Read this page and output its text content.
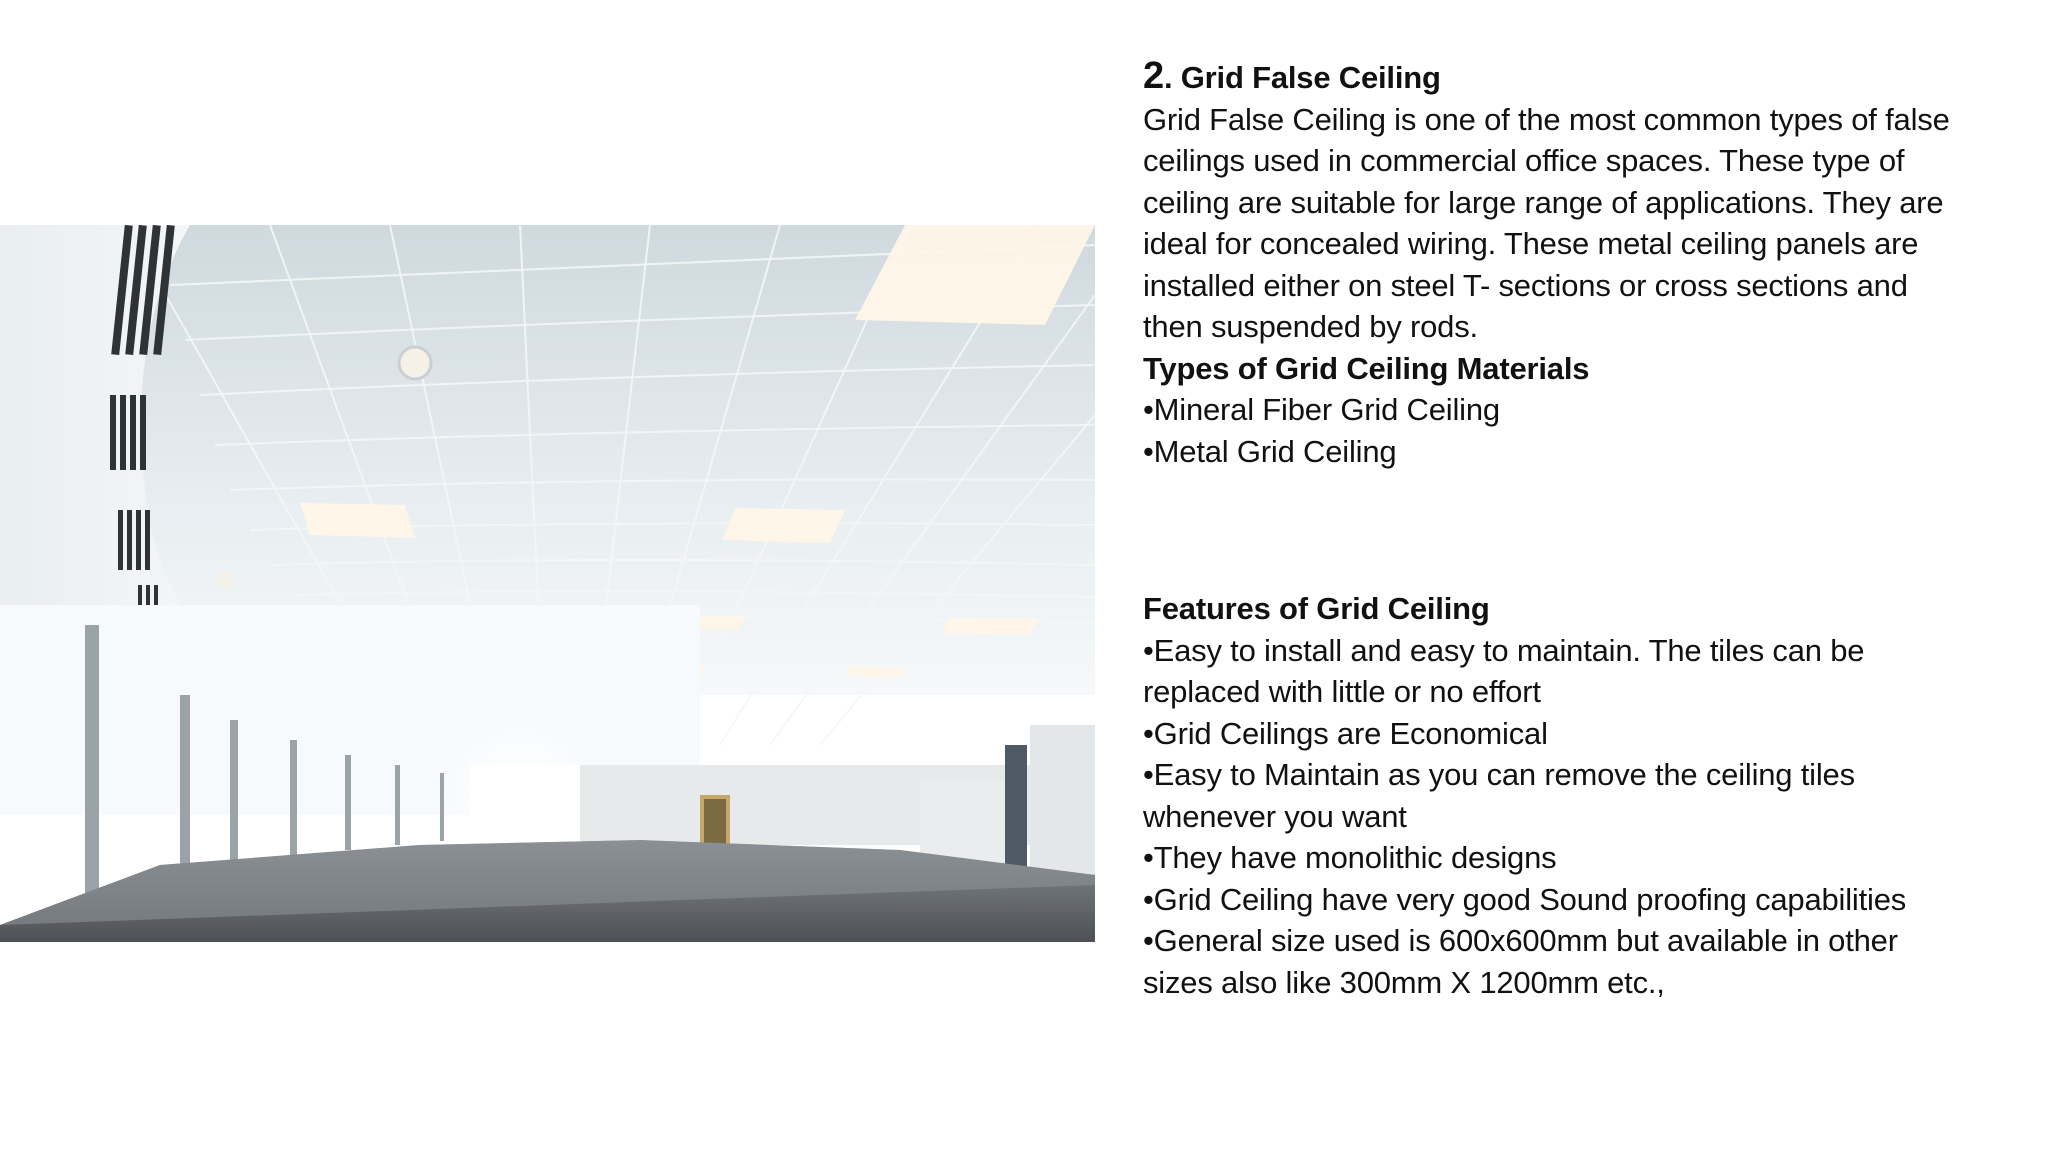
2. Grid False Ceiling

Grid False Ceiling is one of the most common types of false

ceilings used in commercial office spaces. These type of

ceiling are suitable for large range of applications. They are

ideal for concealed wiring. These metal ceiling panels are

installed either on steel T- sections or cross sections and

then suspended by rods.

Types of Grid Ceiling Materials

•Mineral Fiber Grid Ceiling

•Metal Grid Ceiling

Features of Grid Ceiling

•Easy to install and easy to maintain. The tiles can be

replaced with little or no effort

•Grid Ceilings are Economical

•Easy to Maintain as you can remove the ceiling tiles

whenever you want

•They have monolithic designs

•Grid Ceiling have very good Sound proofing capabilities

•General size used is 600x600mm but available in other

sizes also like 300mm X 1200mm etc.,
